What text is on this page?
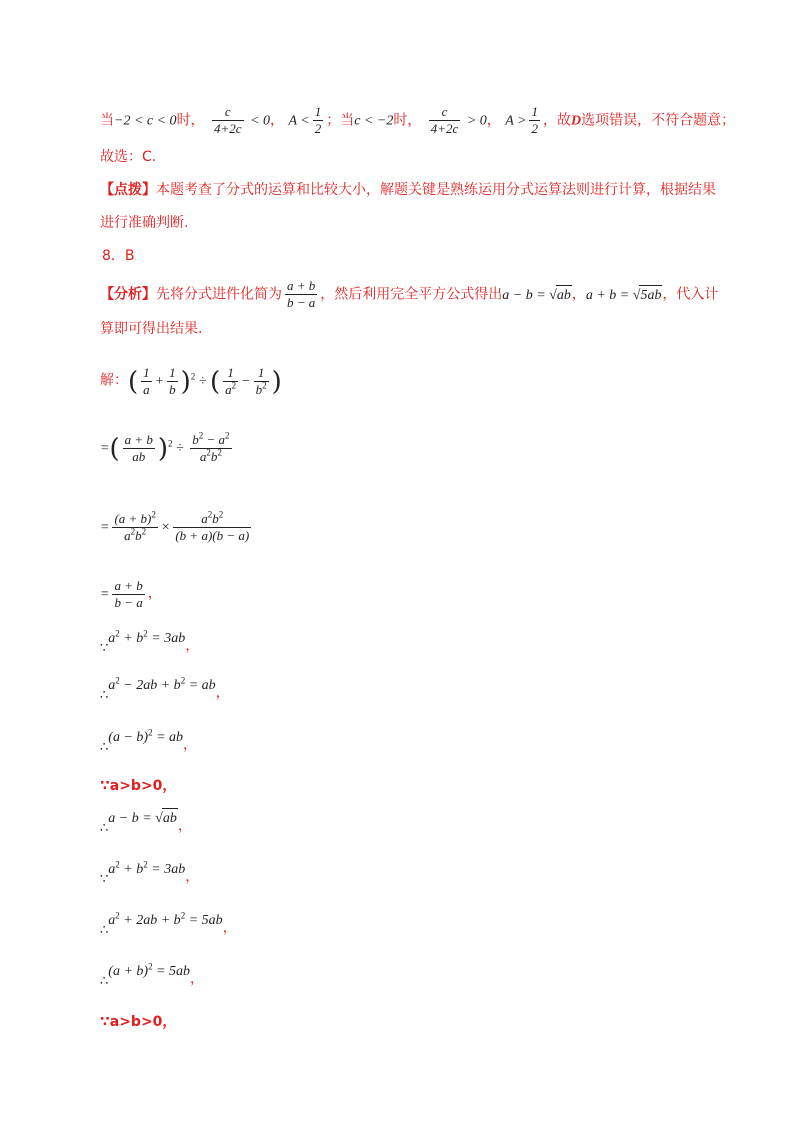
当−2 < c < 0时， $\frac{c}{4+2c} < 0$， $A < \frac{1}{2}$ ；当c < −2时， $\frac{c}{4+2c} > 0$， $A > \frac{1}{2}$ ，故D选项错误，不符合题意；
故选：C.
【点拨】本题考查了分式的运算和比较大小，解题关键是熟练运用分式运算法则进行计算，根据结果
进行准确判断.
8．B
【分析】先将分式进件化简为 $\frac{a + b}{b - a}$ ，然后利用完全平方公式得出a − b = √ab，a + b = √5ab，代入计
算即可得出结果.
解：( $\frac{1}{a} + \frac{1}{b} )^2$ ÷ ( $\frac{1}{a^2} - \frac{1}{b^2}$ )
=( $\frac{a + b}{ab} )^2 \div \frac{b^2 - a^2}{a^2b^2}$
= $\frac{(a + b)^2}{a^2b^2} \times \frac{a^2b^2}{(b + a)(b - a)}$
= $\frac{a + b}{b - a}$ ，
$\because a^2 + b^2 = 3ab$，
$\therefore a^2 - 2ab + b^2$ = ab，
∴(a − b)$^2$ = ab，
∵a>b>0，
∴a − b = √ab，
$\because a^2 + b^2 = 3ab$，
$\therefore a^2 + 2ab + b^2 = 5ab$，
∴(a + b)$^2$ = 5ab，
∵a>b>0，
